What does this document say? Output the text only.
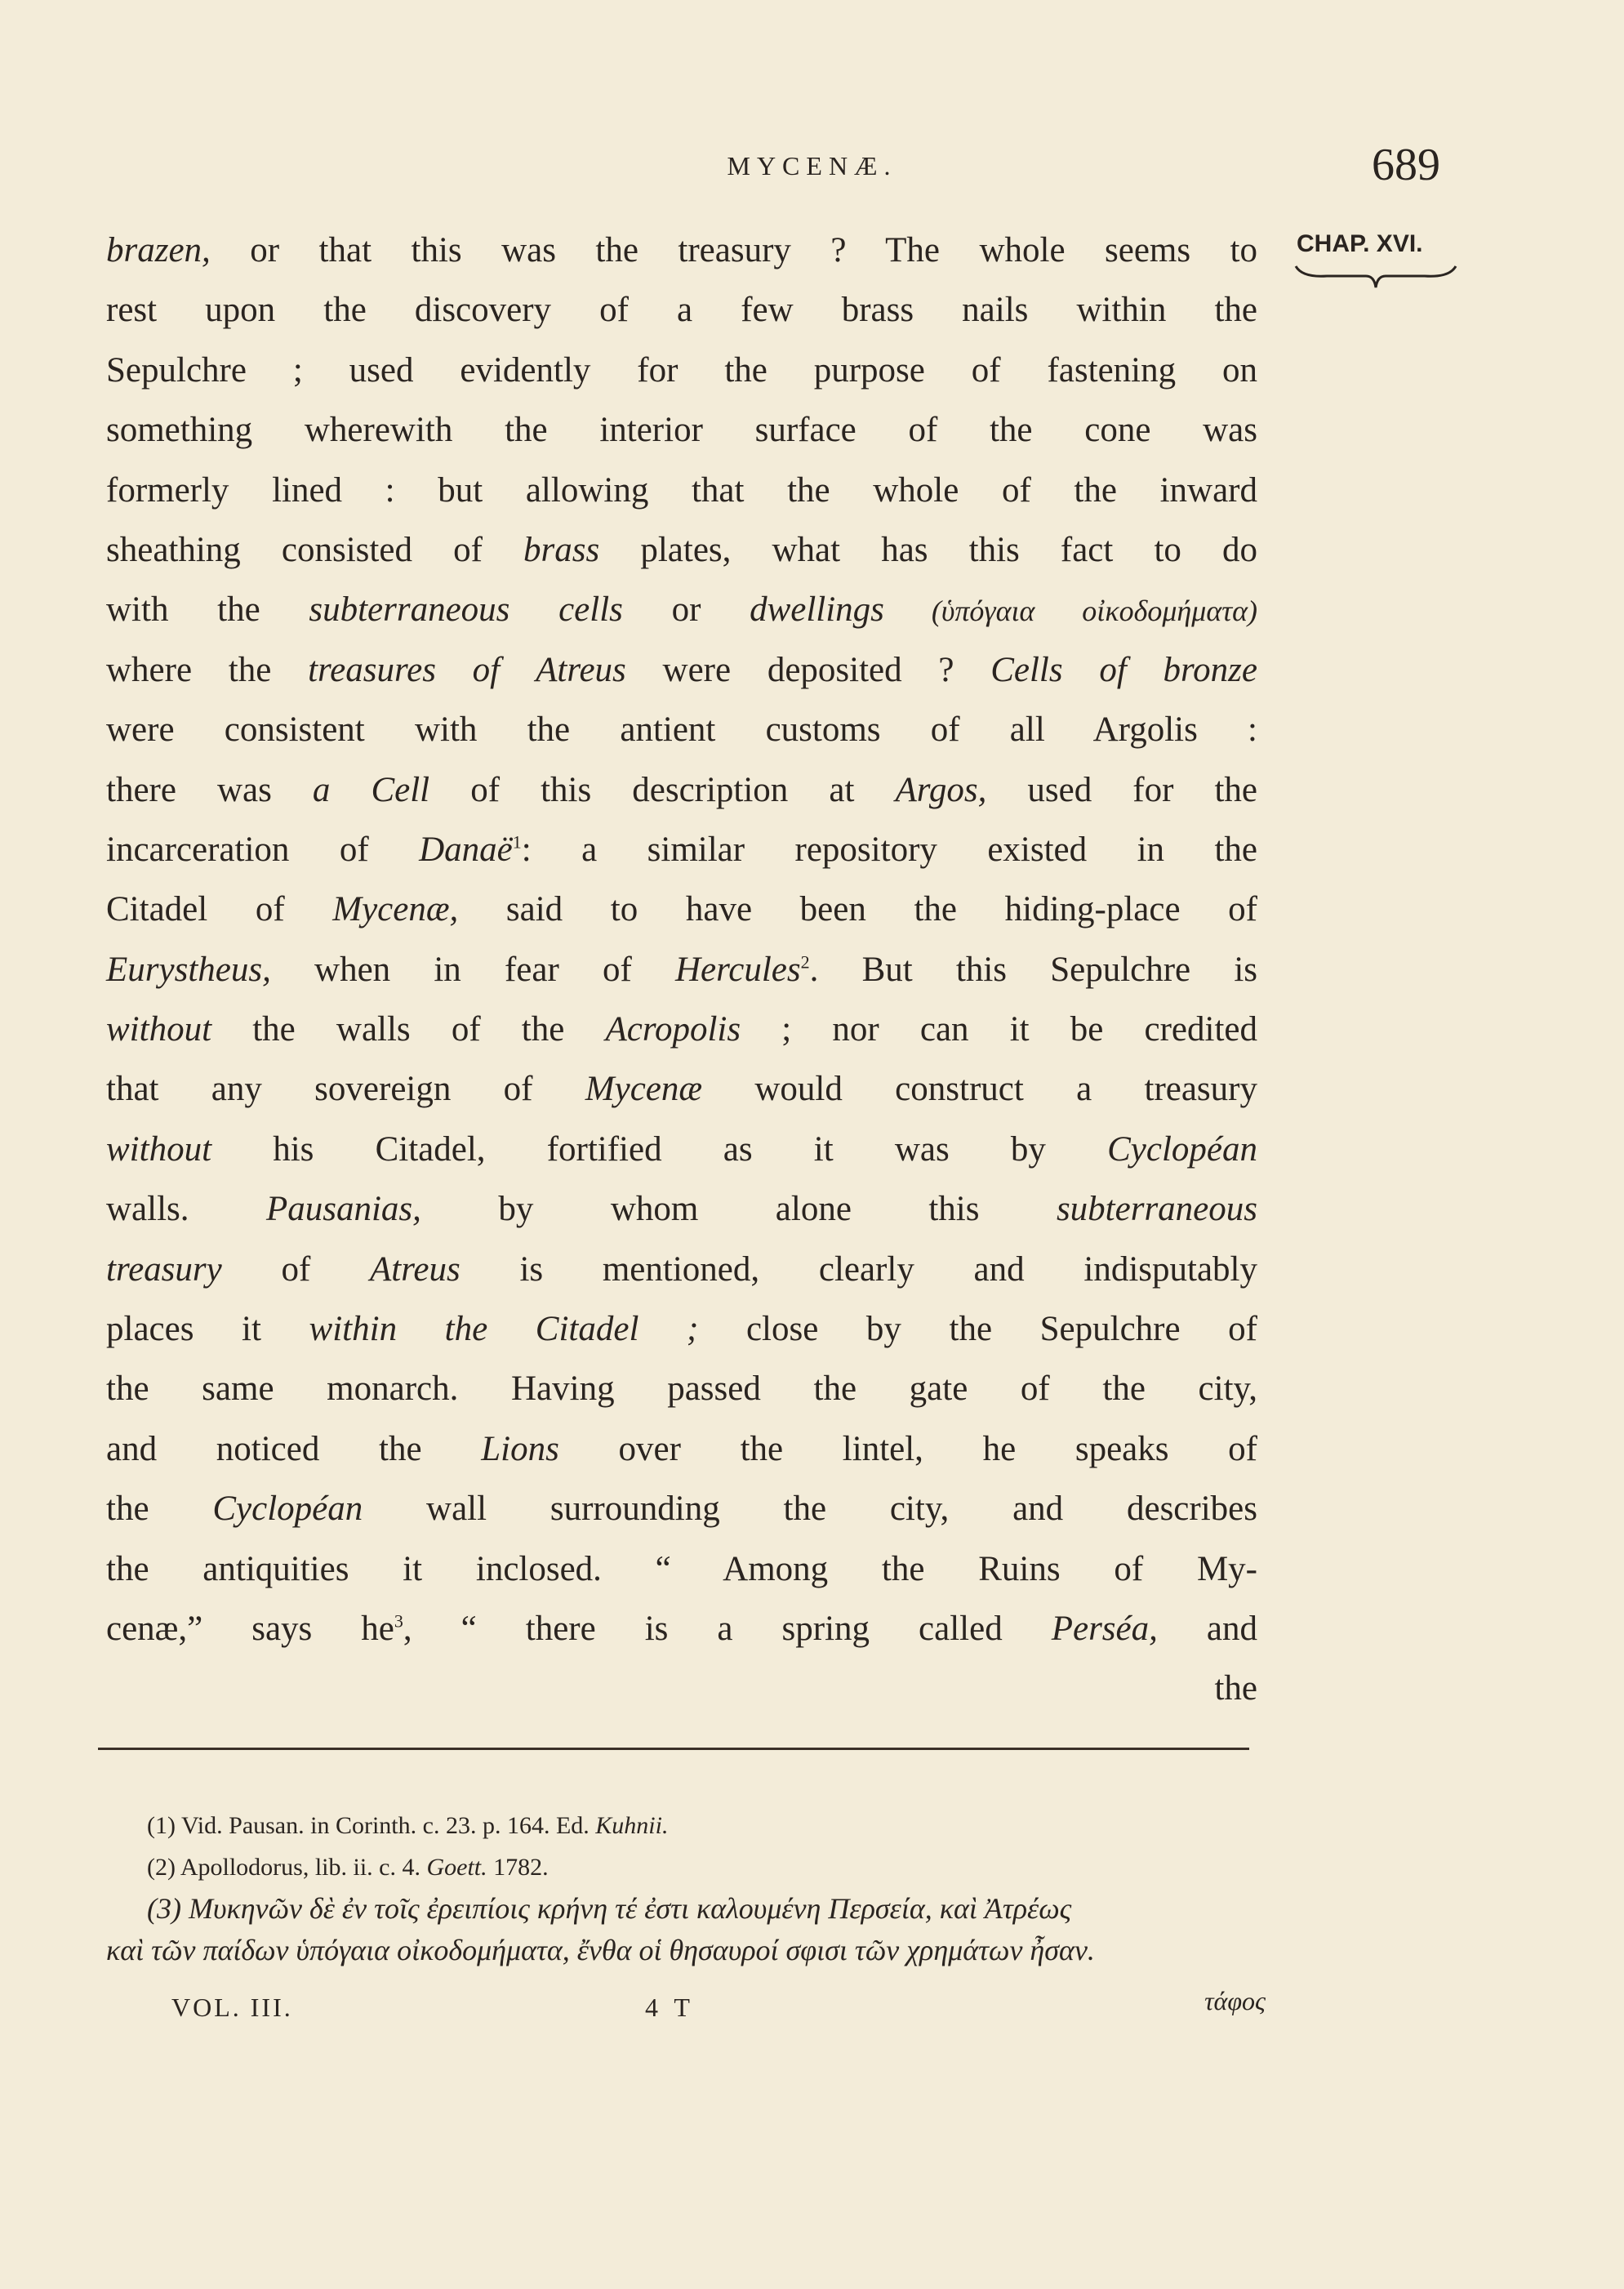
MYCENÆ.	689
CHAP. XVI.
brazen, or that this was the treasury ? The whole seems to
rest upon the discovery of a few brass nails within the
Sepulchre ; used evidently for the purpose of fastening on
something wherewith the interior surface of the cone was
formerly lined : but allowing that the whole of the inward
sheathing consisted of brass plates, what has this fact to do
with the subterraneous cells or dwellings (ὑπόγαια οἰκοδομήματα)
where the treasures of Atreus were deposited ? Cells of bronze
were consistent with the antient customs of all Argolis :
there was a Cell of this description at Argos, used for the
incarceration of Danaë$^1$: a similar repository existed in the
Citadel of Mycenæ, said to have been the hiding-place of
Eurystheus, when in fear of Hercules$^2$. But this Sepulchre is
without the walls of the Acropolis ; nor can it be credited
that any sovereign of Mycenæ would construct a treasury
without his Citadel, fortified as it was by Cyclopéan
walls. Pausanias, by whom alone this subterraneous
treasury of Atreus is mentioned, clearly and indisputably
places it within the Citadel ; close by the Sepulchre of
the same monarch. Having passed the gate of the city,
and noticed the Lions over the lintel, he speaks of
the Cyclopéan wall surrounding the city, and describes
the antiquities it inclosed. “ Among the Ruins of My-
cenæ,” says $he^3$, “ there is a spring called Perséa, and
the
(1) Vid. Pausan. in Corinth. c. 23. p. 164. Ed. Kuhnii.
(2) Apollodorus, lib. ii. c. 4. Goett. 1782.
(3) Μυκηνῶν δὲ ἐν τοῖς ἐρειπίοις κρήνη τέ ἐστι καλουμένη Περσεία, καὶ Ἀτρέως
καὶ τῶν παίδων ὑπόγαια οἰκοδομήματα, ἔνθα οἱ θησαυροί σφισι τῶν χρημάτων ἦσαν.
VOL. III.	4 T	τάφος
